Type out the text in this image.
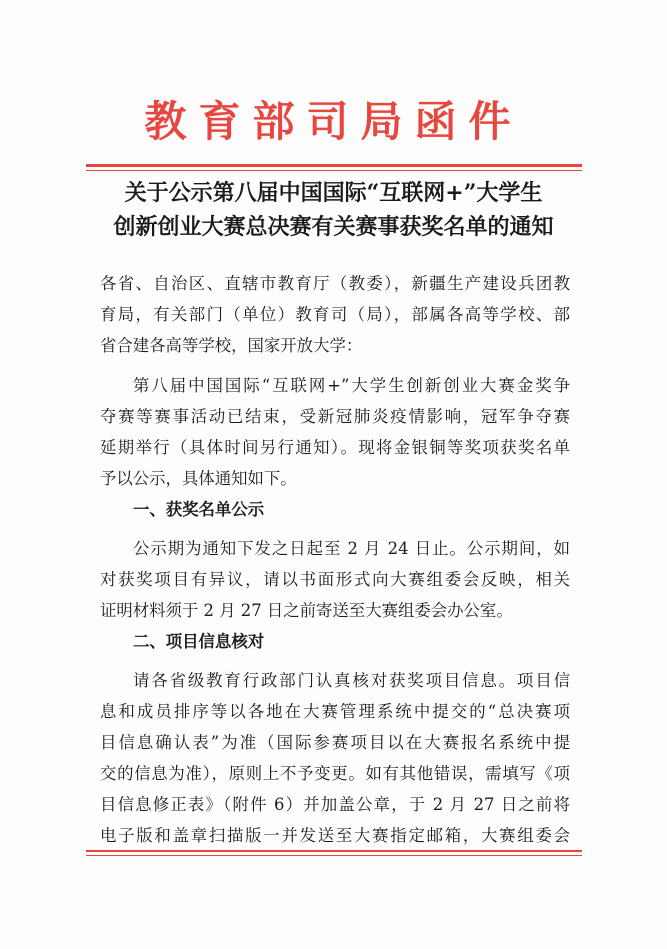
教育部司局函件
关于公示第八届中国国际“互联网+”大学生
创新创业大赛总决赛有关赛事获奖名单的通知
各省、自治区、直辖市教育厅（教委），新疆生产建设兵团教
育局，有关部门（单位）教育司（局），部属各高等学校、部
省合建各高等学校，国家开放大学：
第八届中国国际“互联网+”大学生创新创业大赛金奖争
夺赛等赛事活动已结束，受新冠肺炎疫情影响，冠军争夺赛
延期举行（具体时间另行通知）。现将金银铜等奖项获奖名单
予以公示，具体通知如下。
一、获奖名单公示
公示期为通知下发之日起至 2 月 24 日止。公示期间，如
对获奖项目有异议，请以书面形式向大赛组委会反映，相关
证明材料须于 2 月 27 日之前寄送至大赛组委会办公室。
二、项目信息核对
请各省级教育行政部门认真核对获奖项目信息。项目信
息和成员排序等以各地在大赛管理系统中提交的“总决赛项
目信息确认表”为准（国际参赛项目以在大赛报名系统中提
交的信息为准），原则上不予变更。如有其他错误，需填写《项
目信息修正表》（附件 6）并加盖公章，于 2 月 27 日之前将
电子版和盖章扫描版一并发送至大赛指定邮箱，大赛组委会
